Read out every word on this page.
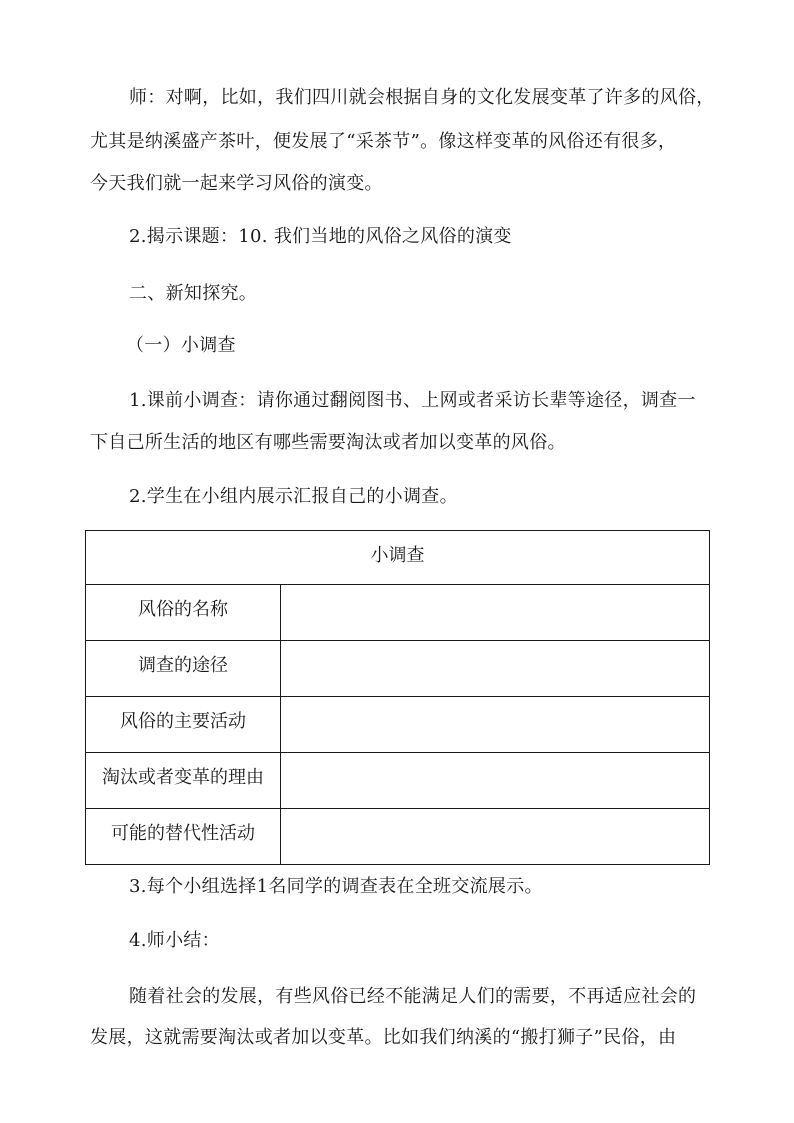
师：对啊，比如，我们四川就会根据自身的文化发展变革了许多的风俗，
尤其是纳溪盛产茶叶，便发展了“采茶节”。像这样变革的风俗还有很多，
今天我们就一起来学习风俗的演变。
2.揭示课题：10. 我们当地的风俗之风俗的演变
二、新知探究。
（一）小调查
1.课前小调查：请你通过翻阅图书、上网或者采访长辈等途径，调查一
下自己所生活的地区有哪些需要淘汰或者加以变革的风俗。
2.学生在小组内展示汇报自己的小调查。
小调查	
风俗的名称	
调查的途径	
风俗的主要活动	
淘汰或者变革的理由	
可能的替代性活动	
3.每个小组选择1名同学的调查表在全班交流展示。
4.师小结：
随着社会的发展，有些风俗已经不能满足人们的需要，不再适应社会的
发展，这就需要淘汰或者加以变革。比如我们纳溪的“搬打狮子”民俗，由
